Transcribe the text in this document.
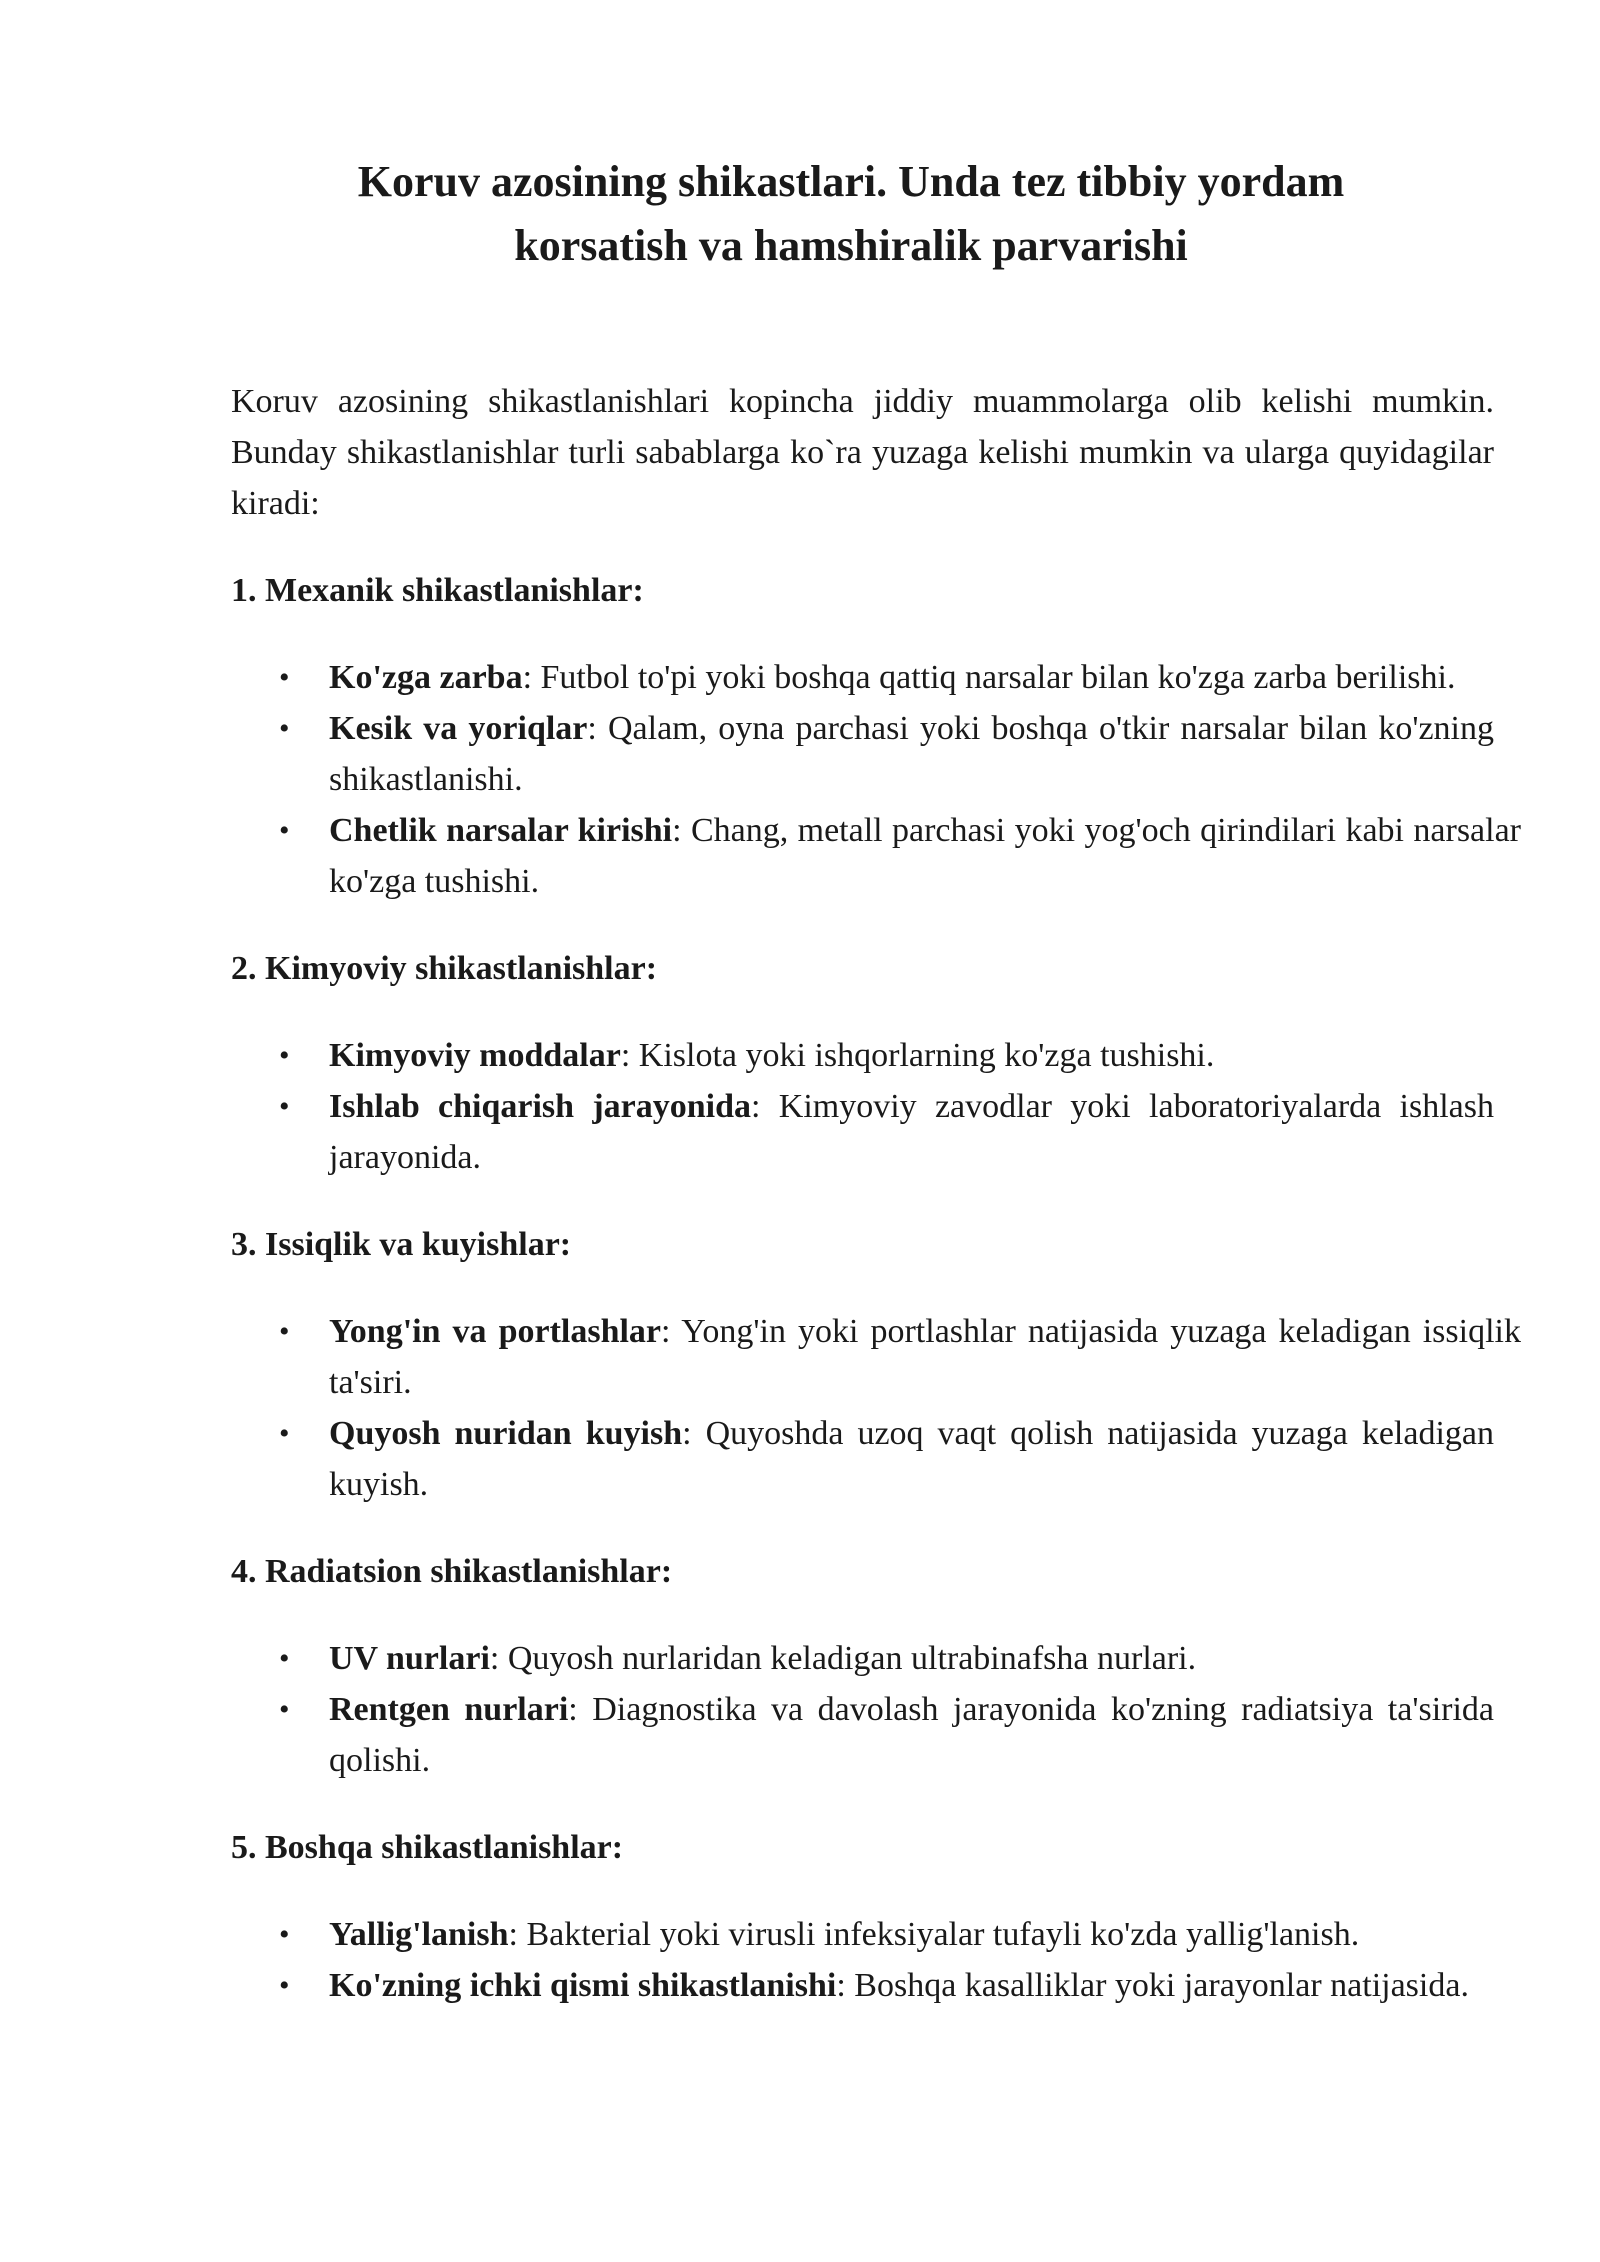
Koruv azosining shikastlari. Unda tez tibbiy yordam
korsatish va hamshiralik parvarishi

Koruv azosining shikastlanishlari kopincha jiddiy muammolarga olib kelishi mumkin. Bunday shikastlanishlar turli sabablarga ko`ra yuzaga kelishi mumkin va ularga quyidagilar kiradi:

1. Mexanik shikastlanishlar:

• Ko'zga zarba: Futbol to'pi yoki boshqa qattiq narsalar bilan ko'zga zarba berilishi.
• Kesik va yoriqlar: Qalam, oyna parchasi yoki boshqa o'tkir narsalar bilan ko'zning shikastlanishi.
• Chetlik narsalar kirishi: Chang, metall parchasi yoki yog'och qirindilari kabi narsalar ko'zga tushishi.

2. Kimyoviy shikastlanishlar:

• Kimyoviy moddalar: Kislota yoki ishqorlarning ko'zga tushishi.
• Ishlab chiqarish jarayonida: Kimyoviy zavodlar yoki laboratoriyalarda ishlash jarayonida.

3. Issiqlik va kuyishlar:

• Yong'in va portlashlar: Yong'in yoki portlashlar natijasida yuzaga keladigan issiqlik ta'siri.
• Quyosh nuridan kuyish: Quyoshda uzoq vaqt qolish natijasida yuzaga keladigan kuyish.

4. Radiatsion shikastlanishlar:

• UV nurlari: Quyosh nurlaridan keladigan ultrabinafsha nurlari.
• Rentgen nurlari: Diagnostika va davolash jarayonida ko'zning radiatsiya ta'sirida qolishi.

5. Boshqa shikastlanishlar:

• Yallig'lanish: Bakterial yoki virusli infeksiyalar tufayli ko'zda yallig'lanish.
• Ko'zning ichki qismi shikastlanishi: Boshqa kasalliklar yoki jarayonlar natijasida.
